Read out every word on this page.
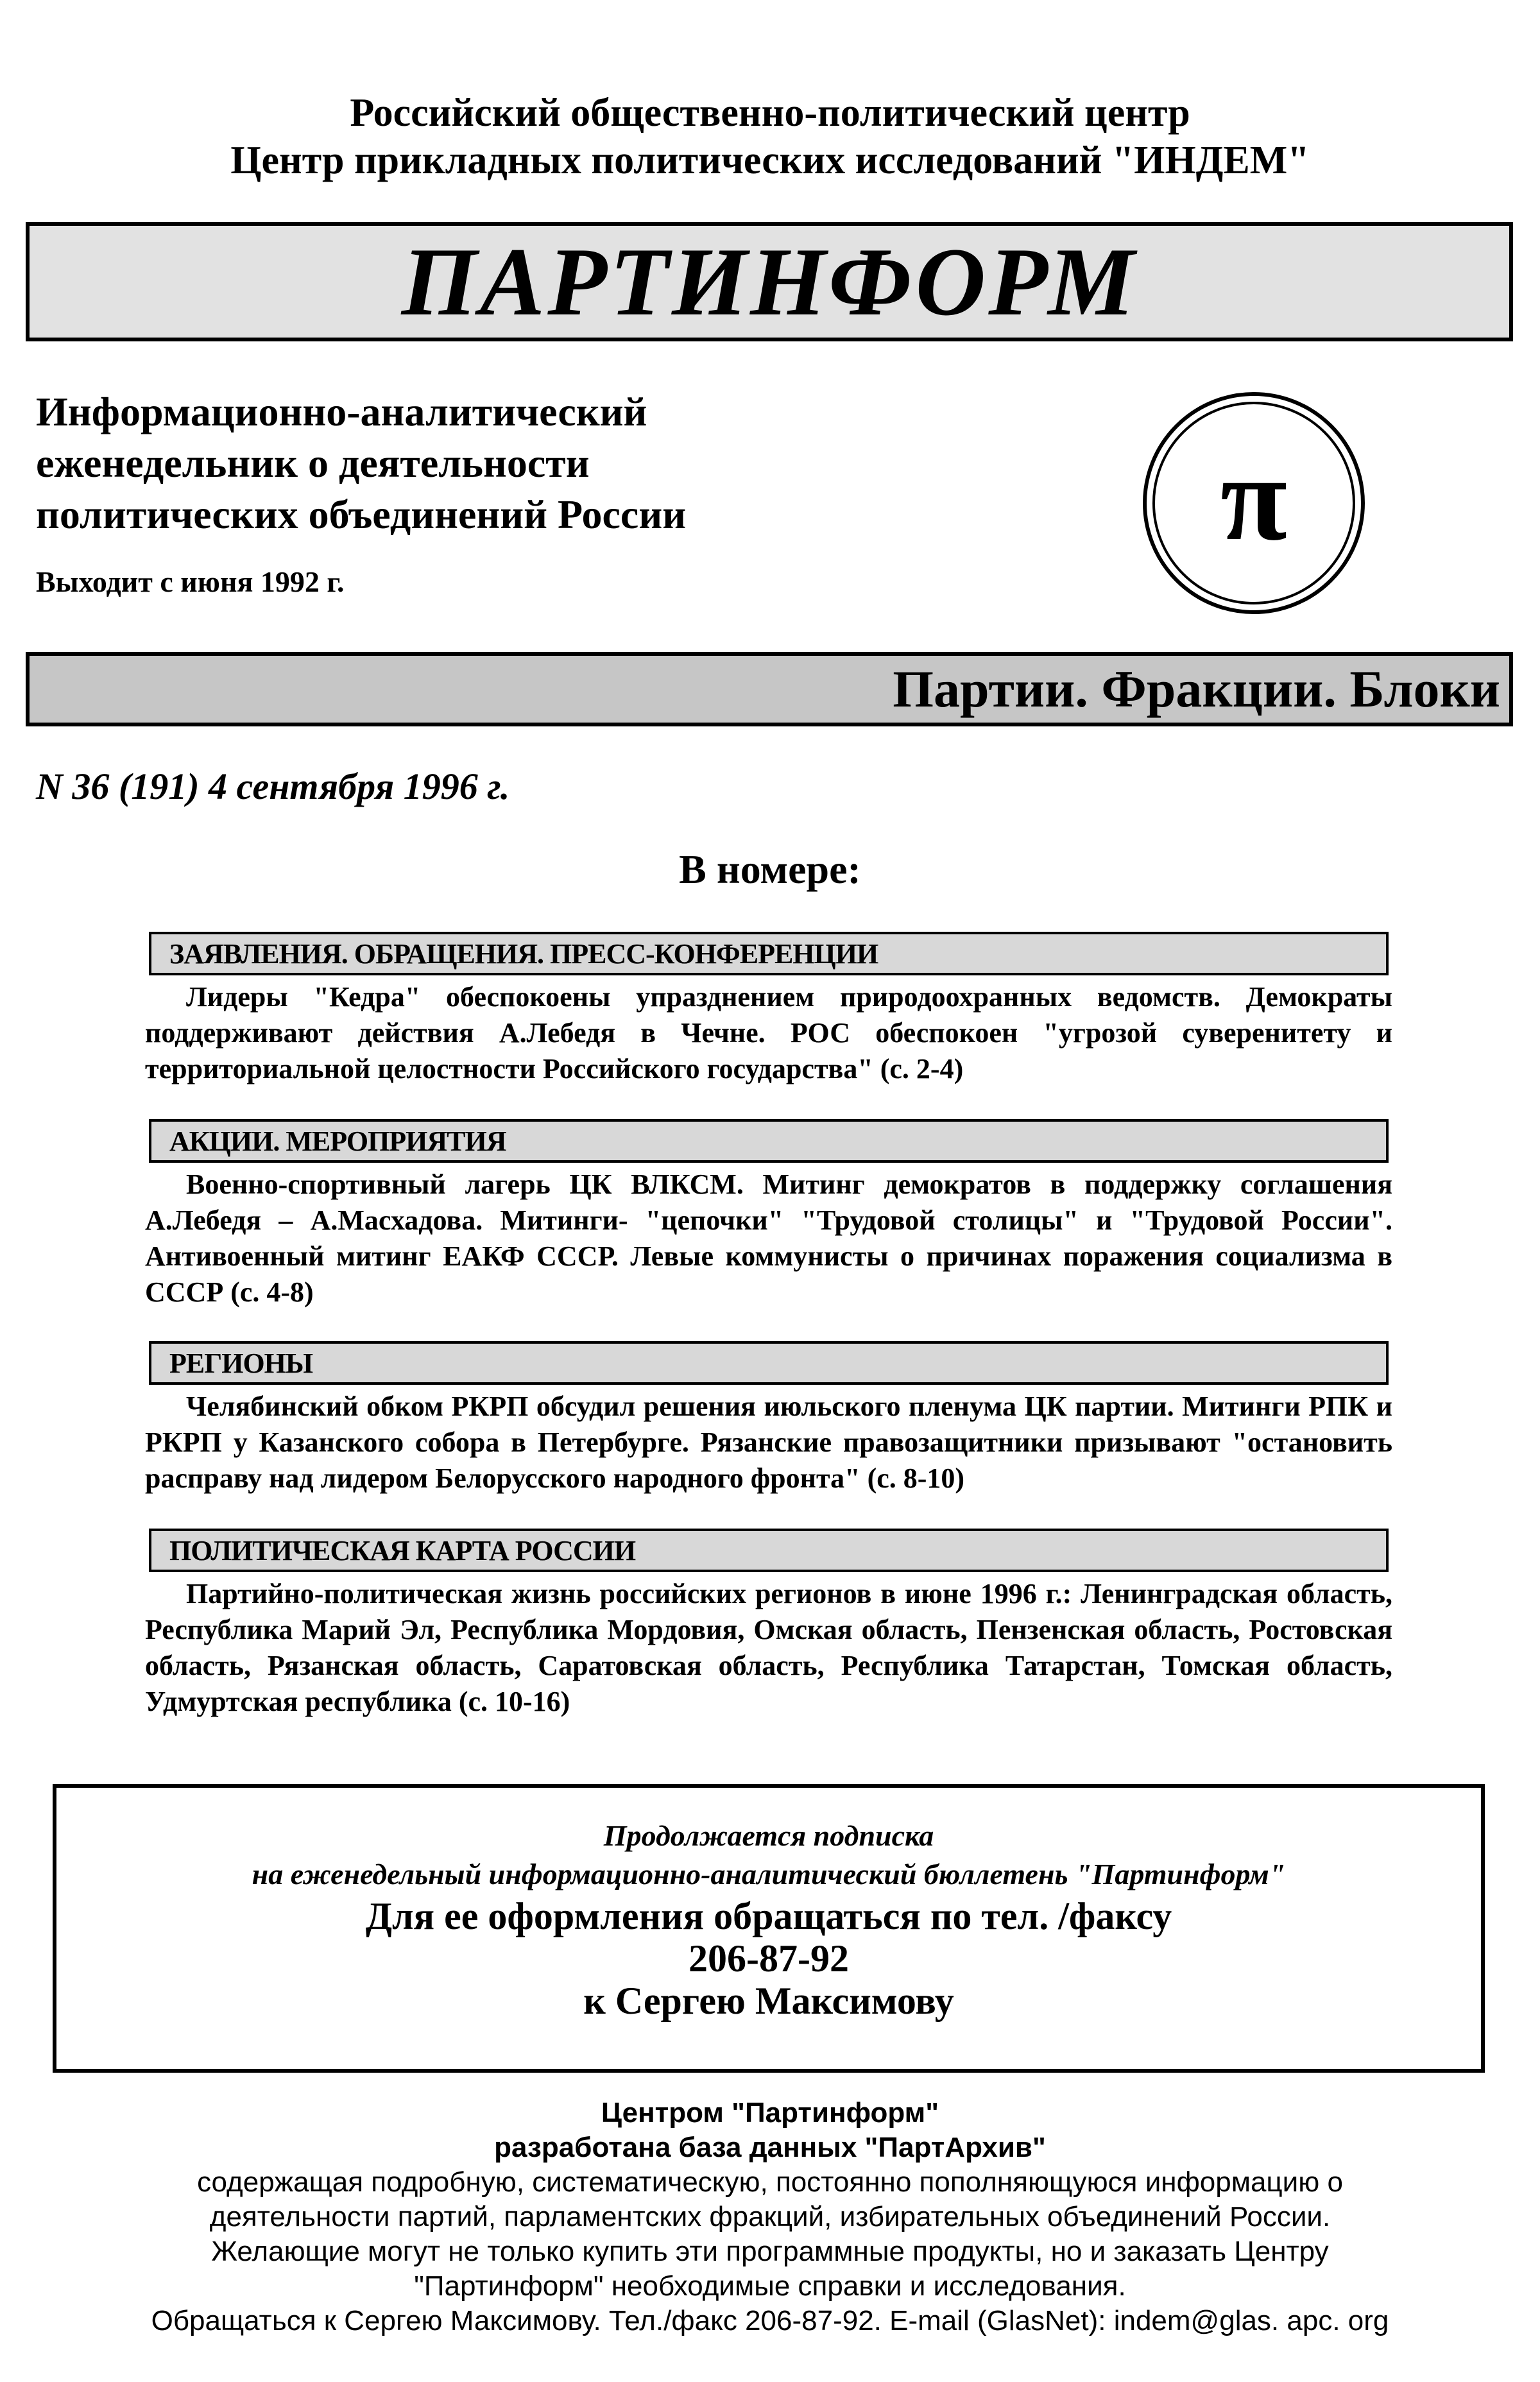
Российский общественно-политический центр
Центр прикладных политических исследований "ИНДЕМ"
ПАРТИНФОРМ
Информационно-аналитический
еженедельник о деятельности
политических объединений России
Выходит с июня 1992 г.
π
Партии. Фракции. Блоки
N 36 (191) 4 сентября 1996 г.
В номере:
ЗАЯВЛЕНИЯ. ОБРАЩЕНИЯ. ПРЕСС-КОНФЕРЕНЦИИ
Лидеры "Кедра" обеспокоены упразднением природоохранных ведомств. Демократы поддерживают действия А.Лебедя в Чечне. РОС обеспокоен "угрозой суверенитету и территориальной целостности Российского государства" (с. 2-4)
АКЦИИ. МЕРОПРИЯТИЯ
Военно-спортивный лагерь ЦК ВЛКСМ. Митинг демократов в поддержку соглашения А.Лебедя – А.Масхадова. Митинги- "цепочки" "Трудовой столицы" и "Трудовой России". Антивоенный митинг ЕАКФ СССР. Левые коммунисты о причинах поражения социализма в СССР (с. 4-8)
РЕГИОНЫ
Челябинский обком РКРП обсудил решения июльского пленума ЦК партии. Митинги РПК и РКРП у Казанского собора в Петербурге. Рязанские правозащитники призывают "остановить расправу над лидером Белорусского народного фронта" (с. 8-10)
ПОЛИТИЧЕСКАЯ КАРТА РОССИИ
Партийно-политическая жизнь российских регионов в июне 1996 г.: Ленинградская область, Республика Марий Эл, Республика Мордовия, Омская область, Пензенская область, Ростовская область, Рязанская область, Саратовская область, Республика Татарстан, Томская область, Удмуртская республика (с. 10-16)
Продолжается подписка
на еженедельный информационно-аналитический бюллетень "Партинформ"
Для ее оформления обращаться по тел. /факсу
206-87-92
к Сергею Максимову
Центром "Партинформ"
разработана база данных "ПартАрхив"
содержащая подробную, систематическую, постоянно пополняющуюся информацию о
деятельности партий, парламентских фракций, избирательных объединений России.
Желающие могут не только купить эти программные продукты, но и заказать Центру
"Партинформ" необходимые справки и исследования.
Обращаться к Сергею Максимову. Тел./факс 206-87-92. E-mail (GlasNet): indem@glas. apc. org
